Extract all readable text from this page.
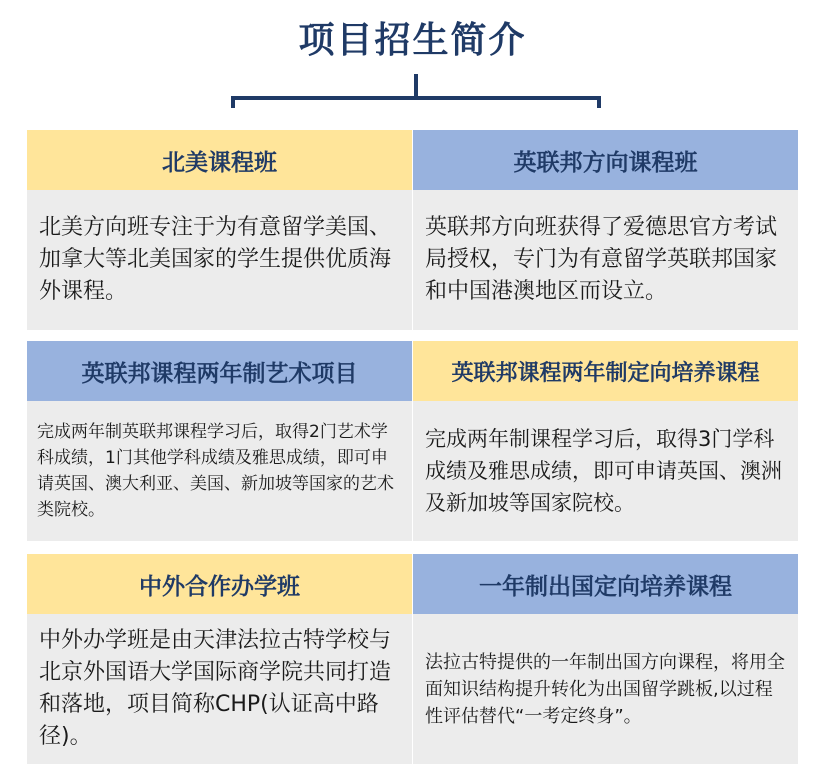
项目招生简介
北美课程班
北美方向班专注于为有意留学美国、加拿大等北美国家的学生提供优质海外课程。
英联邦方向课程班
英联邦方向班获得了爱德思官方考试局授权，专门为有意留学英联邦国家和中国港澳地区而设立。
英联邦课程两年制艺术项目
完成两年制英联邦课程学习后，取得2门艺术学科成绩，1门其他学科成绩及雅思成绩，即可申请英国、澳大利亚、美国、新加坡等国家的艺术类院校。
英联邦课程两年制定向培养课程
完成两年制课程学习后，取得3门学科成绩及雅思成绩，即可申请英国、澳洲及新加坡等国家院校。
中外合作办学班
中外办学班是由天津法拉古特学校与北京外国语大学国际商学院共同打造和落地，项目简称CHP(认证高中路径)。
一年制出国定向培养课程
法拉古特提供的一年制出国方向课程，将用全面知识结构提升转化为出国留学跳板,以过程性评估替代“一考定终身”。
